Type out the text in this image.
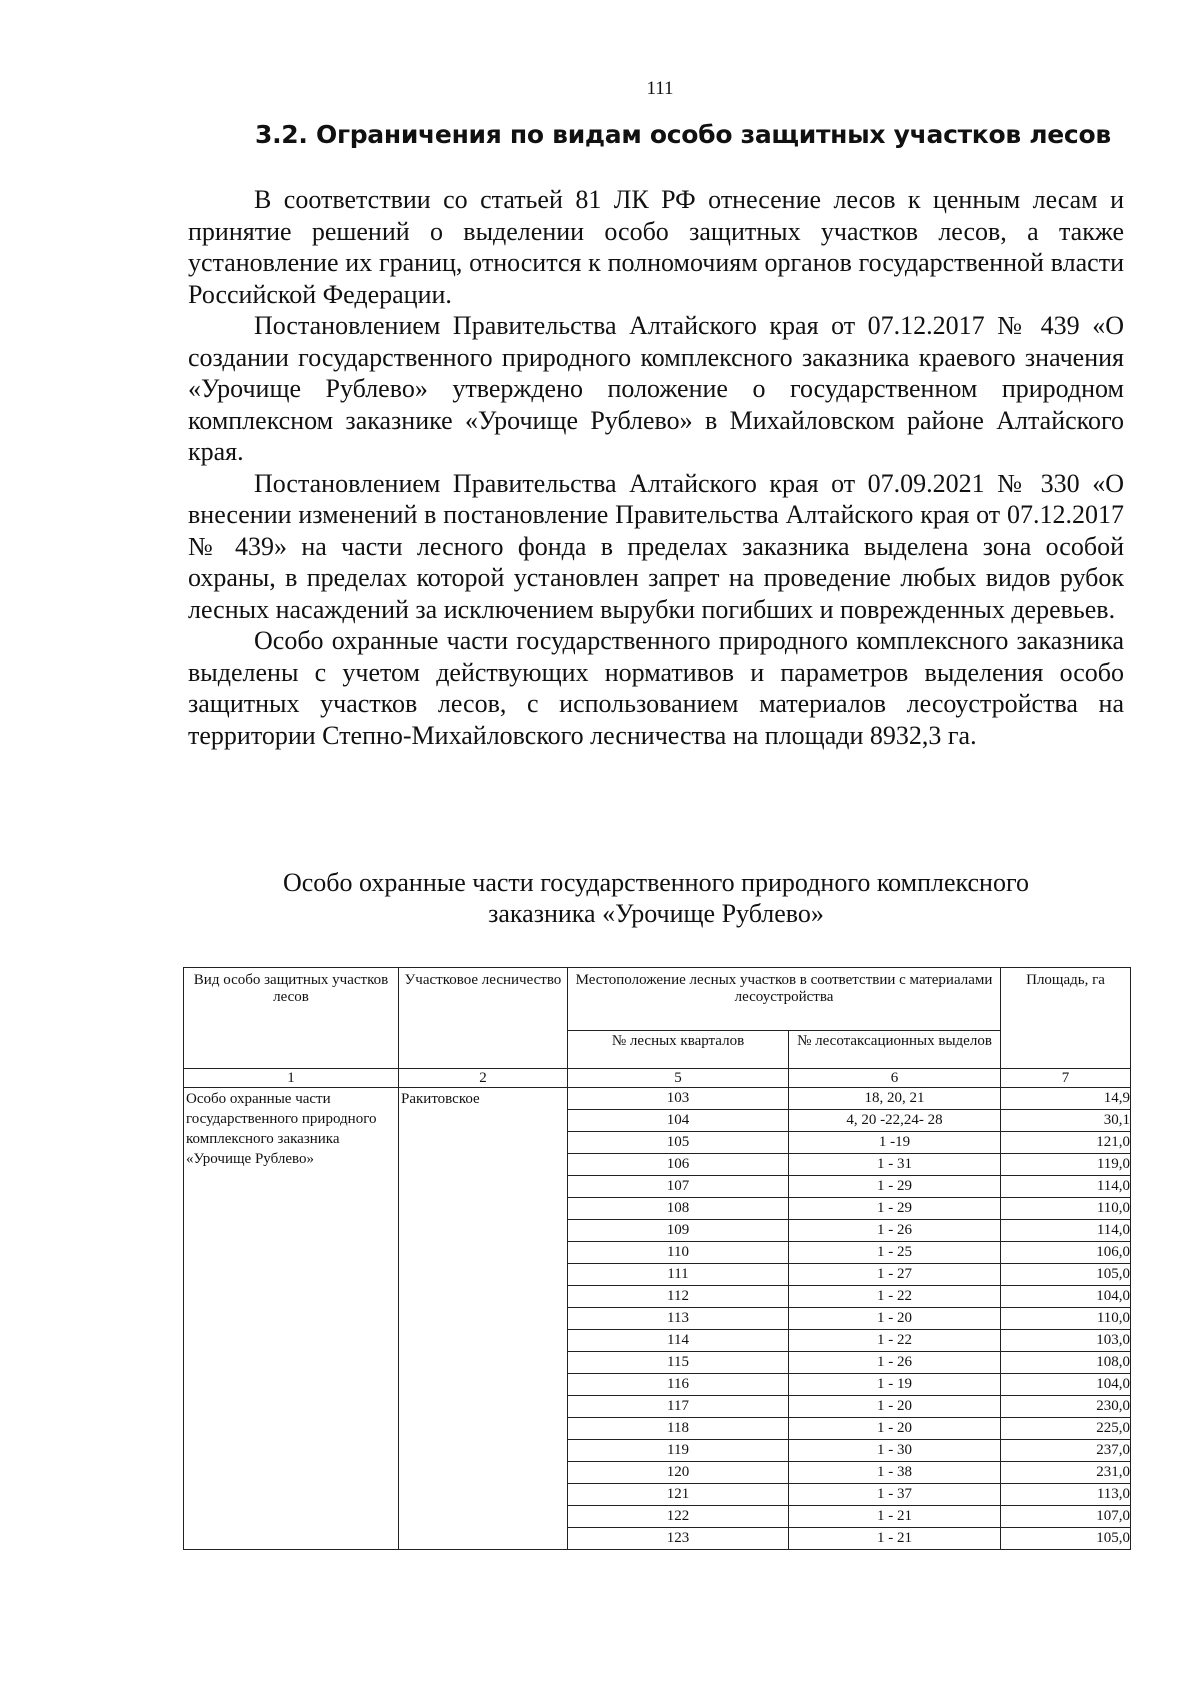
111
3.2. Ограничения по видам особо защитных участков лесов

В соответствии со статьей 81 ЛК РФ отнесение лесов к ценным лесам и принятие решений о выделении особо защитных участков лесов, а также установление их границ, относится к полномочиям органов государственной власти Российской Федерации.

Постановлением Правительства Алтайского края от 07.12.2017 № 439 «О создании государственного природного комплексного заказника краевого значения «Урочище Рублево» утверждено положение о государственном природном комплексном заказнике «Урочище Рублево» в Михайловском районе Алтайского края.

Постановлением Правительства Алтайского края от 07.09.2021 № 330 «О внесении изменений в постановление Правительства Алтайского края от 07.12.2017 № 439» на части лесного фонда в пределах заказника выделена зона особой охраны, в пределах которой установлен запрет на проведение любых видов рубок лесных насаждений за исключением вырубки погибших и поврежденных деревьев.

Особо охранные части государственного природного комплексного заказника выделены с учетом действующих нормативов и параметров выделения особо защитных участков лесов, с использованием материалов лесоустройства на территории Степно-Михайловского лесничества на площади 8932,3 га.

Особо охранные части государственного природного комплексного
заказника «Урочище Рублево»
Вид особо защитных участков лесов	Участковое лесничество	Местоположение лесных участков в соответствии с материалами лесоустройства		Площадь, га
		№ лесных кварталов	№ лесотаксационных выделов	
1	2	5	6	7
Особо охранные части государственного природного комплексного заказника «Урочище Рублево»	Ракитовское	103	18, 20, 21	14,9
		104	4, 20 -22,24- 28	30,1
		105	1 -19	121,0
		106	1 - 31	119,0
		107	1 - 29	114,0
		108	1 - 29	110,0
		109	1 - 26	114,0
		110	1 - 25	106,0
		111	1 - 27	105,0
		112	1 - 22	104,0
		113	1 - 20	110,0
		114	1 - 22	103,0
		115	1 - 26	108,0
		116	1 - 19	104,0
		117	1 - 20	230,0
		118	1 - 20	225,0
		119	1 - 30	237,0
		120	1 - 38	231,0
		121	1 - 37	113,0
		122	1 - 21	107,0
		123	1 - 21	105,0
